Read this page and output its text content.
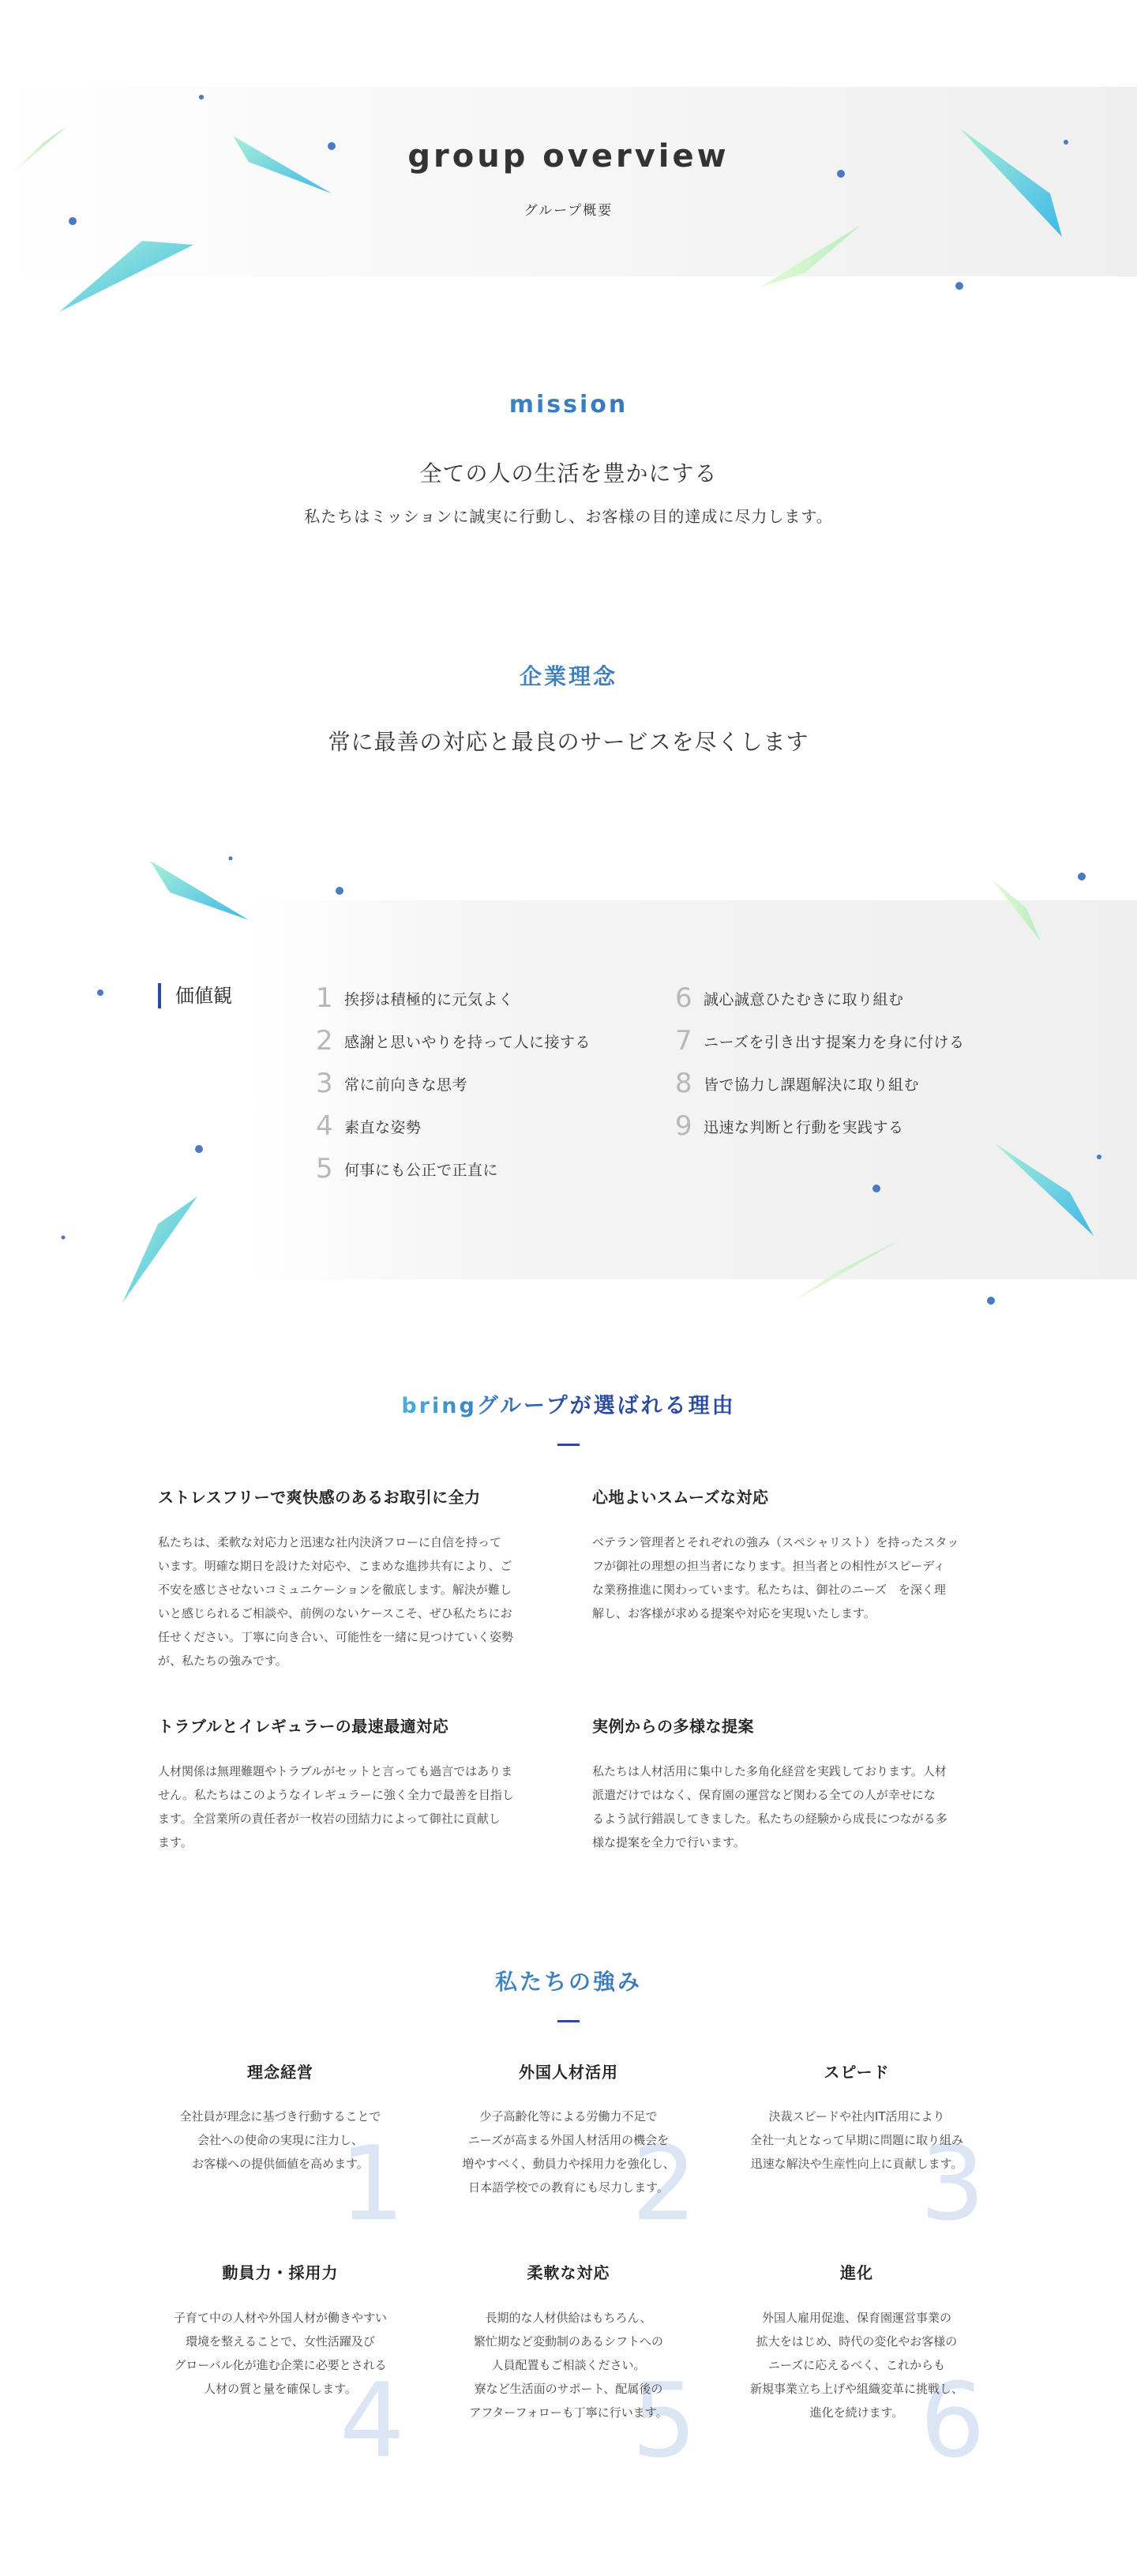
group overview
グループ概要
mission
全ての人の生活を豊かにする
私たちはミッションに誠実に行動し、お客様の目的達成に尽力します。
企業理念
常に最善の対応と最良のサービスを尽くします
価値観	1 挨拶は積極的に元気よく
2 感謝と思いやりを持って人に接する
3 常に前向きな思考
4 素直な姿勢
5 何事にも公正で正直に
6 誠心誠意ひたむきに取り組む
7 ニーズを引き出す提案力を身に付ける
8 皆で協力し課題解決に取り組む
9 迅速な判断と行動を実践する
bringグループが選ばれる理由
ストレスフリーで爽快感のあるお取引に全力
私たちは、柔軟な対応力と迅速な社内決済フローに自信を持って
います。明確な期日を設けた対応や、こまめな進捗共有により、ご
不安を感じさせないコミュニケーションを徹底します。解決が難し
いと感じられるご相談や、前例のないケースこそ、ぜひ私たちにお
任せください。丁寧に向き合い、可能性を一緒に見つけていく姿勢
が、私たちの強みです。
心地よいスムーズな対応
ベテラン管理者とそれぞれの強み（スペシャリスト）を持ったスタッ
フが御社の理想の担当者になります。担当者との相性がスピーディ
な業務推進に関わっています。私たちは、御社のニーズ　を深く理
解し、お客様が求める提案や対応を実現いたします。
トラブルとイレギュラーの最速最適対応
人材関係は無理難題やトラブルがセットと言っても過言ではありま
せん。私たちはこのようなイレギュラーに強く全力で最善を目指し
ます。全営業所の責任者が一枚岩の団結力によって御社に貢献し
ます。
実例からの多様な提案
私たちは人材活用に集中した多角化経営を実践しております。人材
派遣だけではなく、保育園の運営など関わる全ての人が幸せにな
るよう試行錯誤してきました。私たちの経験から成長につながる多
様な提案を全力で行います。
私たちの強み
1
理念経営
全社員が理念に基づき行動することで
会社への使命の実現に注力し、
お客様への提供価値を高めます。	2
外国人材活用
少子高齢化等による労働力不足で
ニーズが高まる外国人材活用の機会を
増やすべく、動員力や採用力を強化し、
日本語学校での教育にも尽力します。	3
スピード
決裁スピードや社内IT活用により
全社一丸となって早期に問題に取り組み
迅速な解決や生産性向上に貢献します。
4
動員力・採用力
子育て中の人材や外国人材が働きやすい
環境を整えることで、女性活躍及び
グローバル化が進む企業に必要とされる
人材の質と量を確保します。	5
柔軟な対応
長期的な人材供給はもちろん、
繁忙期など変動制のあるシフトへの
人員配置もご相談ください。
寮など生活面のサポート、配属後の
アフターフォローも丁寧に行います。	6
進化
外国人雇用促進、保育園運営事業の
拡大をはじめ、時代の変化やお客様の
ニーズに応えるべく、これからも
新規事業立ち上げや組織変革に挑戦し、
進化を続けます。
